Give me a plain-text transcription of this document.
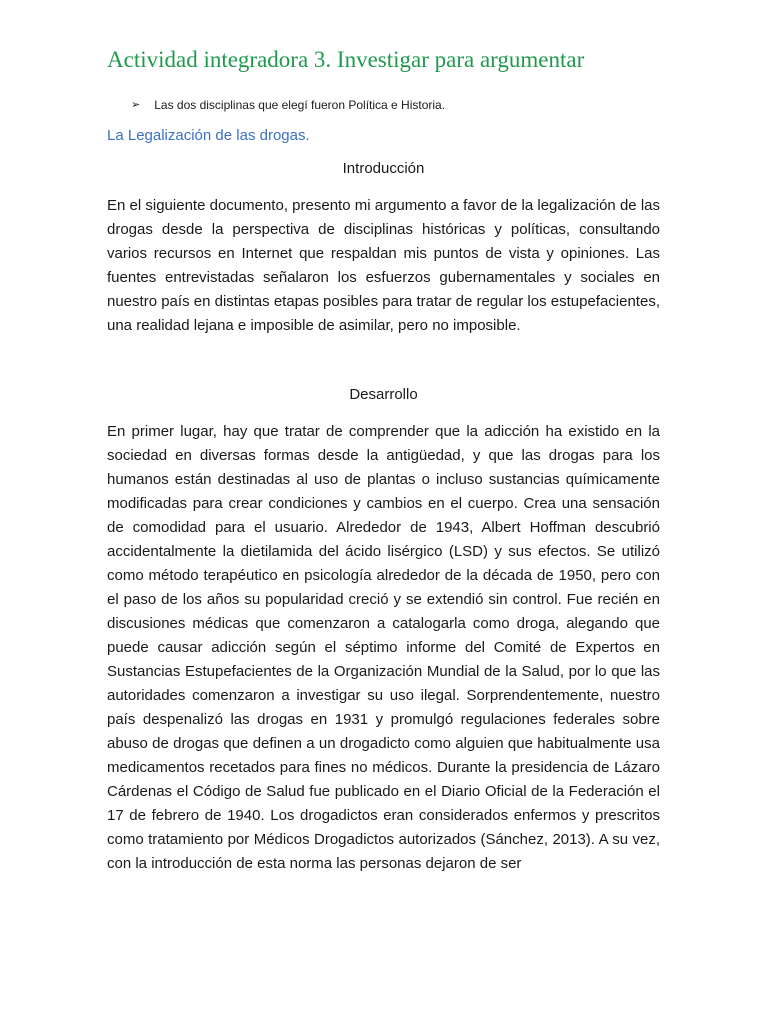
Actividad integradora 3. Investigar para argumentar
➢ Las dos disciplinas que elegí fueron Política e Historia.
La Legalización de las drogas.
Introducción

En el siguiente documento, presento mi argumento a favor de la legalización de las drogas desde la perspectiva de disciplinas históricas y políticas, consultando varios recursos en Internet que respaldan mis puntos de vista y opiniones. Las fuentes entrevistadas señalaron los esfuerzos gubernamentales y sociales en nuestro país en distintas etapas posibles para tratar de regular los estupefacientes, una realidad lejana e imposible de asimilar, pero no imposible.

Desarrollo

En primer lugar, hay que tratar de comprender que la adicción ha existido en la sociedad en diversas formas desde la antigüedad, y que las drogas para los humanos están destinadas al uso de plantas o incluso sustancias químicamente modificadas para crear condiciones y cambios en el cuerpo. Crea una sensación de comodidad para el usuario. Alrededor de 1943, Albert Hoffman descubrió accidentalmente la dietilamida del ácido lisérgico (LSD) y sus efectos. Se utilizó como método terapéutico en psicología alrededor de la década de 1950, pero con el paso de los años su popularidad creció y se extendió sin control. Fue recién en discusiones médicas que comenzaron a catalogarla como droga, alegando que puede causar adicción según el séptimo informe del Comité de Expertos en Sustancias Estupefacientes de la Organización Mundial de la Salud, por lo que las autoridades comenzaron a investigar su uso ilegal. Sorprendentemente, nuestro país despenalizó las drogas en 1931 y promulgó regulaciones federales sobre abuso de drogas que definen a un drogadicto como alguien que habitualmente usa medicamentos recetados para fines no médicos. Durante la presidencia de Lázaro Cárdenas el Código de Salud fue publicado en el Diario Oficial de la Federación el 17 de febrero de 1940. Los drogadictos eran considerados enfermos y prescritos como tratamiento por Médicos Drogadictos autorizados (Sánchez, 2013). A su vez, con la introducción de esta norma las personas dejaron de ser
